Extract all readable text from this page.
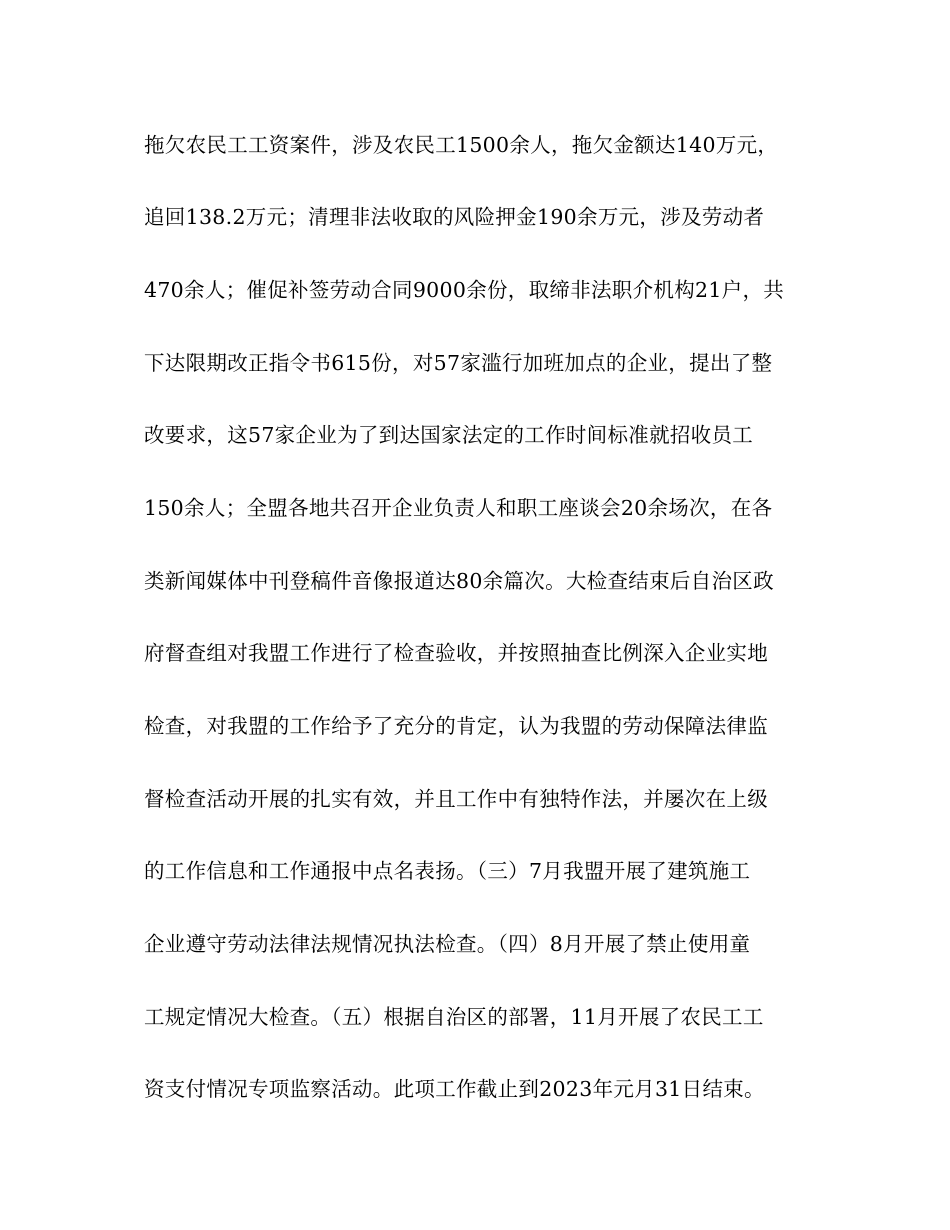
拖欠农民工工资案件，涉及农民工1500余人，拖欠金额达140万元，
追回138.2万元；清理非法收取的风险押金190余万元，涉及劳动者
470余人；催促补签劳动合同9000余份，取缔非法职介机构21户，共
下达限期改正指令书615份，对57家滥行加班加点的企业，提出了整
改要求，这57家企业为了到达国家法定的工作时间标准就招收员工
150余人；全盟各地共召开企业负责人和职工座谈会20余场次，在各
类新闻媒体中刊登稿件音像报道达80余篇次。大检查结束后自治区政
府督查组对我盟工作进行了检查验收，并按照抽查比例深入企业实地
检查，对我盟的工作给予了充分的肯定，认为我盟的劳动保障法律监
督检查活动开展的扎实有效，并且工作中有独特作法，并屡次在上级
的工作信息和工作通报中点名表扬。（三）7月我盟开展了建筑施工
企业遵守劳动法律法规情况执法检查。（四）8月开展了禁止使用童
工规定情况大检查。（五）根据自治区的部署，11月开展了农民工工
资支付情况专项监察活动。此项工作截止到2023年元月31日结束。
